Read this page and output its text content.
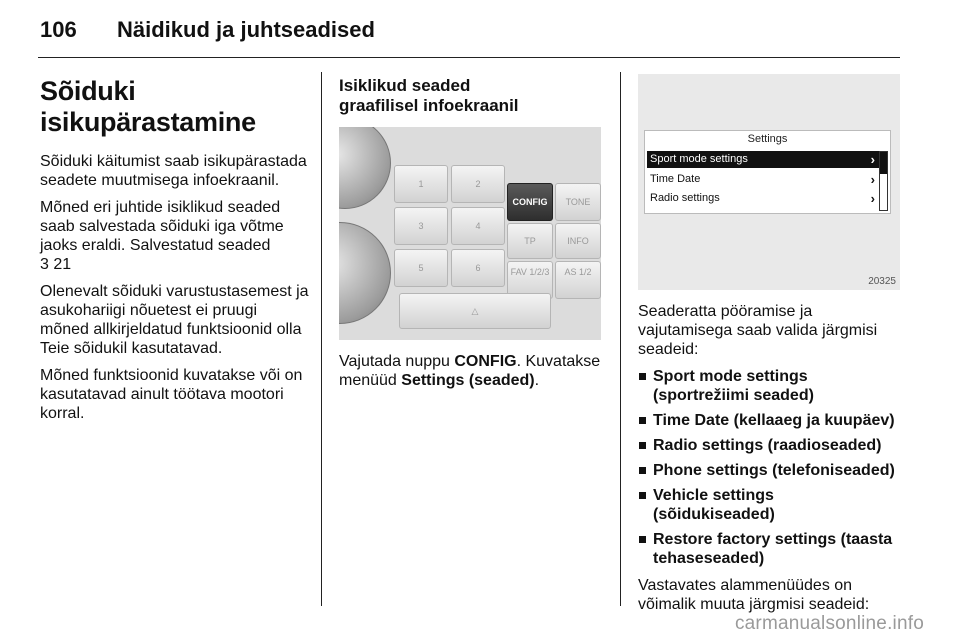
106 Näidikud ja juhtseadised
Sõiduki
isikupärastamine

Sõiduki käitumist saab isikupärastada seadete muutmisega infoekraanil.

Mõned eri juhtide isiklikud seaded saab salvestada sõiduki iga võtme jaoks eraldi. Salvestatud seaded
3 21

Olenevalt sõiduki varustustasemest ja asukohariigi nõuetest ei pruugi mõned allkirjeldatud funktsioonid olla Teie sõidukil kasutatavad.

Mõned funktsioonid kuvatakse või on kasutatavad ainult töötava mootori korral.

Isiklikud seaded
graafilisel infoekraanil
1	2
CONFIG	TONE
3	4
TP	INFO
5	6	FAV 1/2/3	AS 1/2
△

Vajutada nuppu CONFIG. Kuvatakse menüüd Settings (seaded).

Settings
Sport mode settings	›
Time Date	›
Radio settings	›
20325

Seaderatta pööramise ja vajutamisega saab valida järgmisi seadeid:

Sport mode settings (sportrežiimi seaded)
Time Date (kellaaeg ja kuupäev)
Radio settings (raadioseaded)
Phone settings (telefoniseaded)
Vehicle settings (sõidukiseaded)
Restore factory settings (taasta tehaseseaded)

Vastavates alammenüüdes on võimalik muuta järgmisi seadeid:

carmanualsonline.info
